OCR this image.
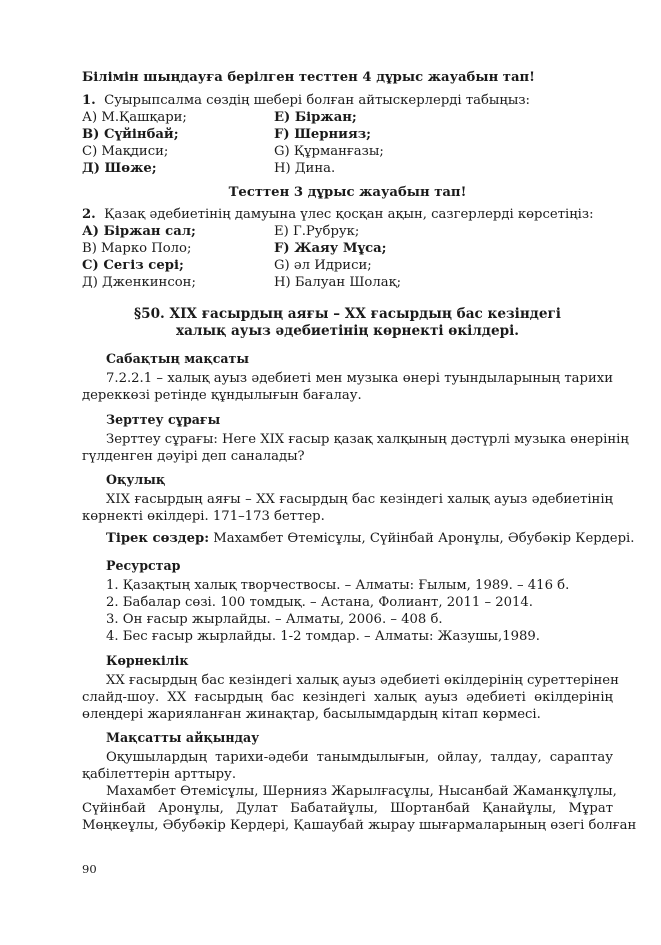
Білімін шыңдауға берілген тесттен 4 дұрыс жауабын тап!
1. Суырыпсалма сөздің шебері болған айтыскерлерді табыңыз:
А) М.Қашқари;	Е) Біржан;
В) Сүйінбай;	F) Шернияз;
С) Мақдиси;	G) Құрманғазы;
Д) Шөже;	Н) Дина.
Тесттен 3 дұрыс жауабын тап!
2. Қазақ әдебиетінің дамуына үлес қосқан ақын, сазгерлерді көрсетіңіз:
А) Біржан сал;	Е) Г.Рубрук;
В) Марко Поло;	F) Жаяу Мұса;
С) Сегіз сері;	G) әл Идриси;
Д) Дженкинсон;	Н) Балуан Шолақ;
§50. XIX ғасырдың аяғы – XX ғасырдың бас кезіндегі
халық ауыз әдебиетінің көрнекті өкілдері.
Сабақтың мақсаты
7.2.2.1 – халық ауыз әдебиеті мен музыка өнері туындыларының тарихи
дереккөзі ретінде құндылығын бағалау.
Зерттеу сұрағы
Зерттеу сұрағы: Неге XIX ғасыр қазақ халқының дәстүрлі музыка өнерінің
гүлденген дәуірі деп саналады?
Оқулық
XIX ғасырдың аяғы – XX ғасырдың бас кезіндегі халық ауыз әдебиетінің
көрнекті өкілдері. 171–173 беттер.
Тірек сөздер: Махамбет Өтемісұлы, Сүйінбай Аронұлы, Әбубәкір Кердері.
Ресурстар
1. Қазақтың халық творчествосы. – Алматы: Ғылым, 1989. – 416 б.
2. Бабалар сөзі. 100 томдық. – Астана, Фолиант, 2011 – 2014.
3. Он ғасыр жырлайды. – Алматы, 2006. – 408 б.
4. Бес ғасыр жырлайды. 1-2 томдар. – Алматы: Жазушы,1989.
Көрнекілік
XX ғасырдың бас кезіндегі халық ауыз әдебиеті өкілдерінің суреттерінен
слайд-шоу. XX ғасырдың бас кезіндегі халық ауыз әдебиеті өкілдерінің
өлеңдері жарияланған жинақтар, басылымдардың кітап көрмесі.
Мақсатты айқындау
Оқушылардың тарихи-әдеби танымдылығын, ойлау, талдау, сараптау
қабілеттерін арттыру.
Махамбет Өтемісұлы, Шернияз Жарылғасұлы, Нысанбай Жаманқұлұлы,
Сүйінбай Аронұлы, Дулат Бабатайұлы, Шортанбай Қанайұлы, Мұрат
Мөңкеұлы, Әбубәкір Кердері, Қашаубай жырау шығармаларының өзегі болған
90
